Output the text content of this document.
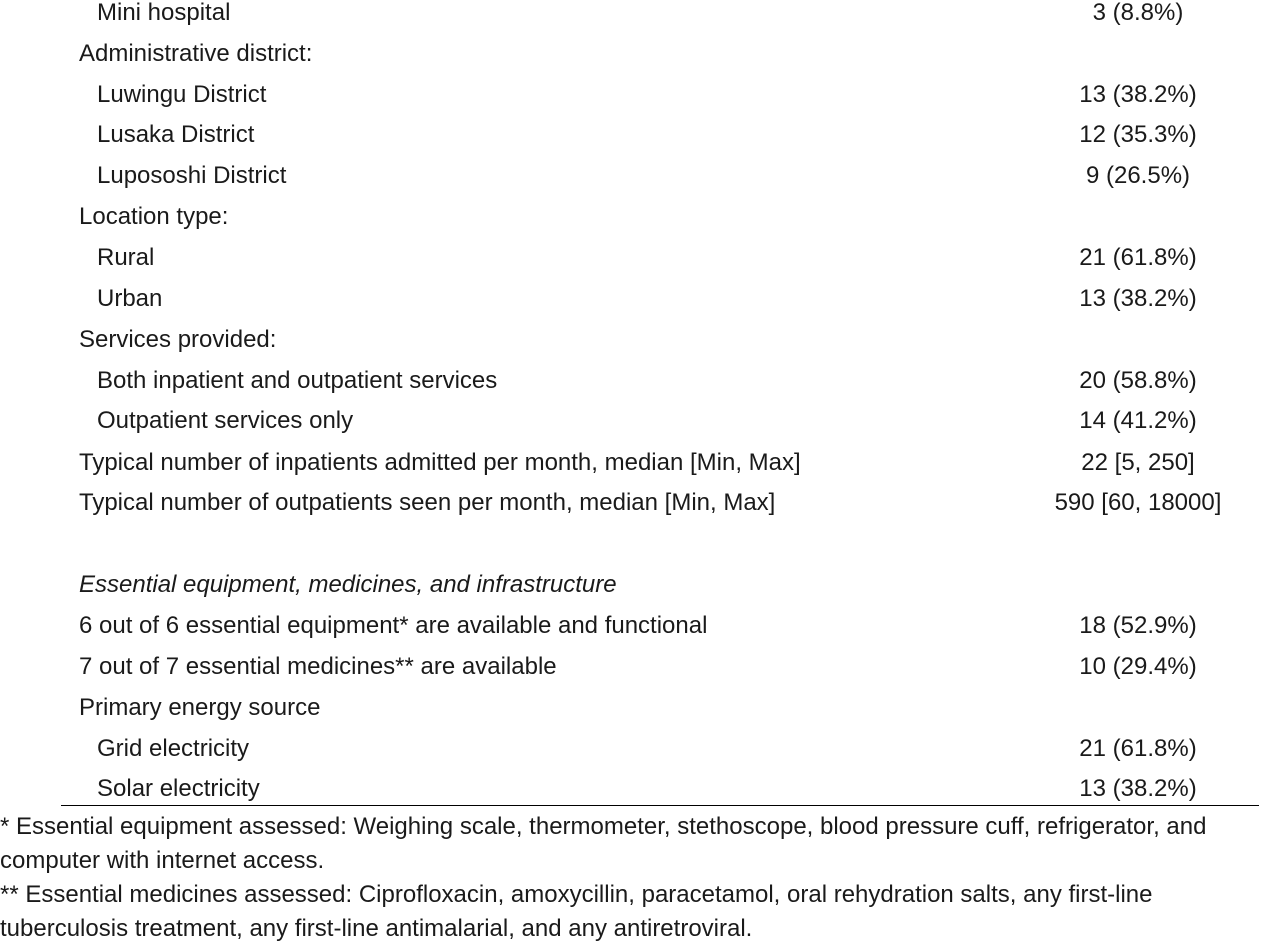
Mini hospital	3 (8.8%)
Administrative district:
Luwingu District	13 (38.2%)
Lusaka District	12 (35.3%)
Lupososhi District	9 (26.5%)
Location type:
Rural	21 (61.8%)
Urban	13 (38.2%)
Services provided:
Both inpatient and outpatient services	20 (58.8%)
Outpatient services only	14 (41.2%)
Typical number of inpatients admitted per month, median [Min, Max]	22 [5, 250]
Typical number of outpatients seen per month, median [Min, Max]	590 [60, 18000]
Essential equipment, medicines, and infrastructure
6 out of 6 essential equipment* are available and functional	18 (52.9%)
7 out of 7 essential medicines** are available	10 (29.4%)
Primary energy source
Grid electricity	21 (61.8%)
Solar electricity	13 (38.2%)

* Essential equipment assessed: Weighing scale, thermometer, stethoscope, blood pressure cuff, refrigerator, and computer with internet access.

** Essential medicines assessed: Ciprofloxacin, amoxycillin, paracetamol, oral rehydration salts, any first-line tuberculosis treatment, any first-line antimalarial, and any antiretroviral.
